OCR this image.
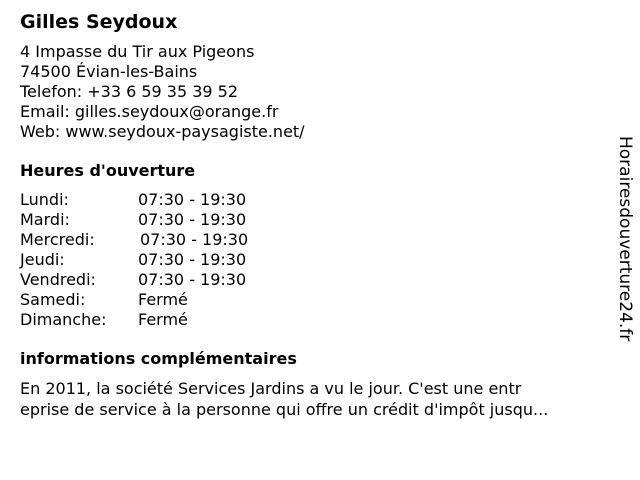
Gilles Seydoux
4 Impasse du Tir aux Pigeons
74500 Évian-les-Bains
Telefon: +33 6 59 35 39 52
Email: gilles.seydoux@orange.fr
Web: www.seydoux-paysagiste.net/
Heures d'ouverture
Lundi:	07:30 - 19:30
Mardi:	07:30 - 19:30
Mercredi:	07:30 - 19:30
Jeudi:	07:30 - 19:30
Vendredi:	07:30 - 19:30
Samedi:	Fermé
Dimanche:	Fermé
informations complémentaires
En 2011, la société Services Jardins a vu le jour. C'est une entr
eprise de service à la personne qui offre un crédit d'impôt jusqu...
Horairesdouverture24.fr
